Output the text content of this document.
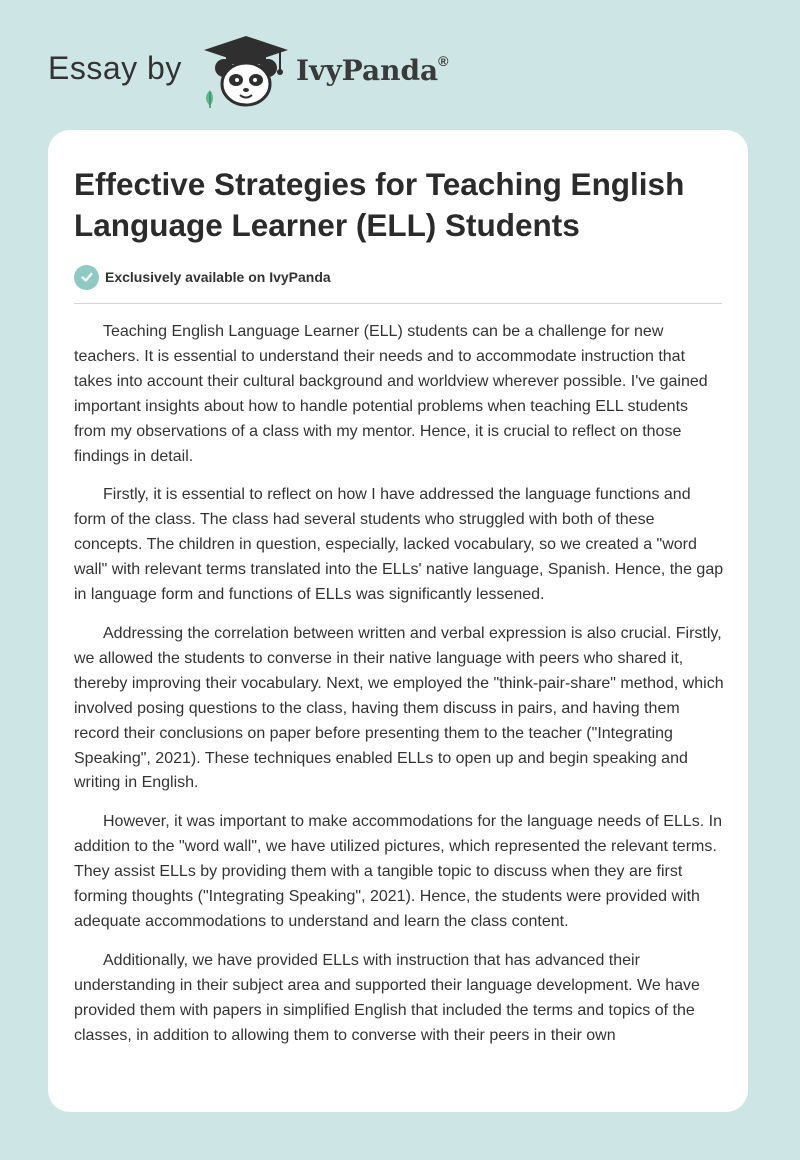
Essay by	IvyPanda®
Effective Strategies for Teaching English Language Learner (ELL) Students
Exclusively available on IvyPanda

Teaching English Language Learner (ELL) students can be a challenge for new teachers. It is essential to understand their needs and to accommodate instruction that takes into account their cultural background and worldview wherever possible. I've gained important insights about how to handle potential problems when teaching ELL students from my observations of a class with my mentor. Hence, it is crucial to reflect on those findings in detail.

Firstly, it is essential to reflect on how I have addressed the language functions and form of the class. The class had several students who struggled with both of these concepts. The children in question, especially, lacked vocabulary, so we created a "word wall" with relevant terms translated into the ELLs' native language, Spanish. Hence, the gap in language form and functions of ELLs was significantly lessened.

Addressing the correlation between written and verbal expression is also crucial. Firstly, we allowed the students to converse in their native language with peers who shared it, thereby improving their vocabulary. Next, we employed the "think-pair-share" method, which involved posing questions to the class, having them discuss in pairs, and having them record their conclusions on paper before presenting them to the teacher ("Integrating Speaking", 2021). These techniques enabled ELLs to open up and begin speaking and writing in English.

However, it was important to make accommodations for the language needs of ELLs. In addition to the "word wall", we have utilized pictures, which represented the relevant terms. They assist ELLs by providing them with a tangible topic to discuss when they are first forming thoughts ("Integrating Speaking", 2021). Hence, the students were provided with adequate accommodations to understand and learn the class content.

Additionally, we have provided ELLs with instruction that has advanced their understanding in their subject area and supported their language development. We have provided them with papers in simplified English that included the terms and topics of the classes, in addition to allowing them to converse with their peers in their own
